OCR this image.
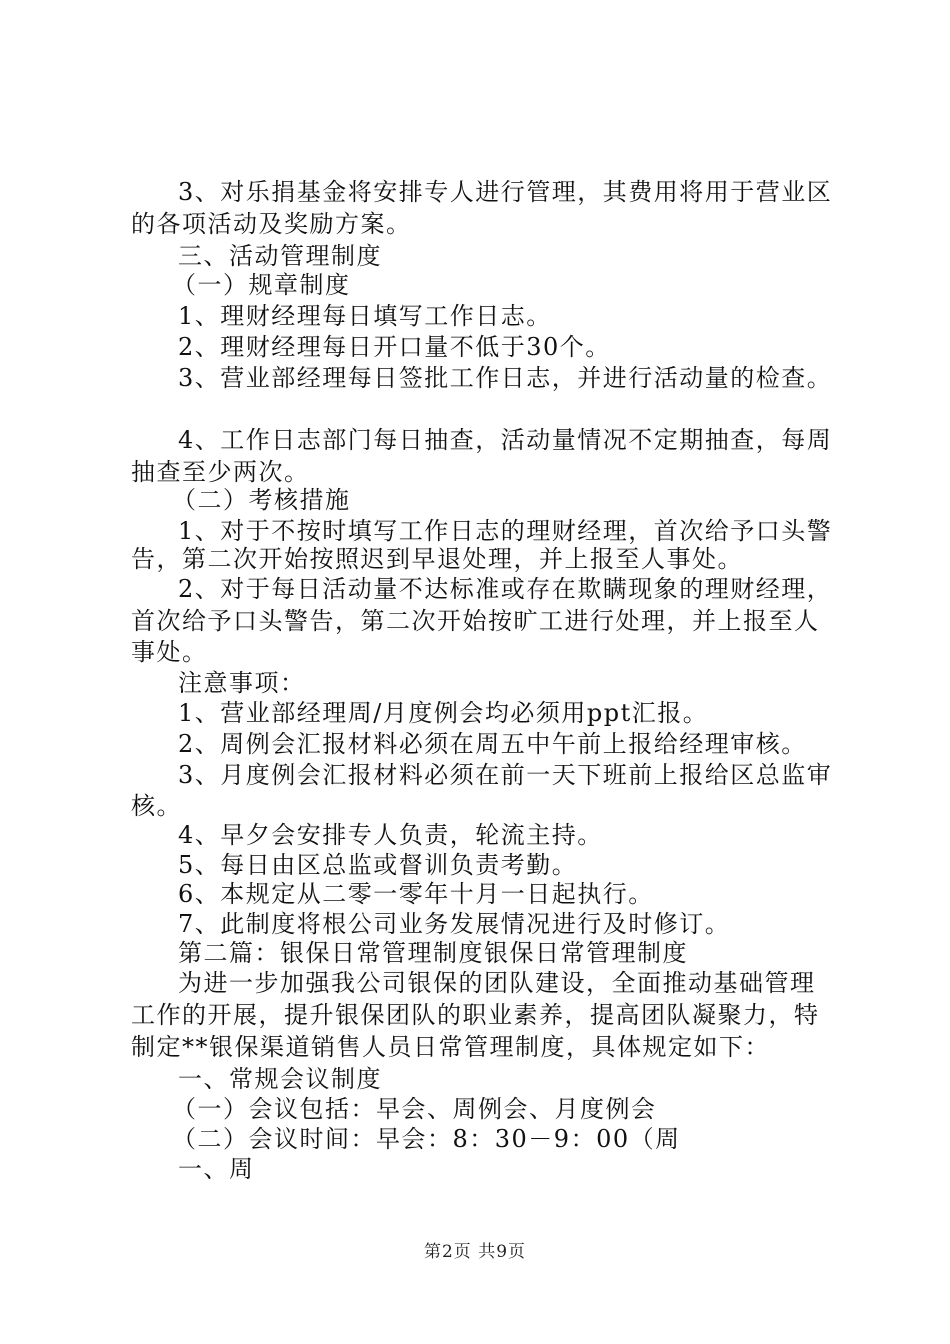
3、对乐捐基金将安排专人进行管理，其费用将用于营业区
的各项活动及奖励方案。
三、活动管理制度
（一）规章制度
1、理财经理每日填写工作日志。
2、理财经理每日开口量不低于30个。
3、营业部经理每日签批工作日志，并进行活动量的检查。
4、工作日志部门每日抽查，活动量情况不定期抽查，每周
抽查至少两次。
（二）考核措施
1、对于不按时填写工作日志的理财经理，首次给予口头警
告，第二次开始按照迟到早退处理，并上报至人事处。
2、对于每日活动量不达标准或存在欺瞒现象的理财经理，
首次给予口头警告，第二次开始按旷工进行处理，并上报至人
事处。
注意事项：
1、营业部经理周/月度例会均必须用ppt汇报。
2、周例会汇报材料必须在周五中午前上报给经理审核。
3、月度例会汇报材料必须在前一天下班前上报给区总监审
核。
4、早夕会安排专人负责，轮流主持。
5、每日由区总监或督训负责考勤。
6、本规定从二零一零年十月一日起执行。
7、此制度将根公司业务发展情况进行及时修订。
第二篇：银保日常管理制度银保日常管理制度
为进一步加强我公司银保的团队建设，全面推动基础管理
工作的开展，提升银保团队的职业素养，提高团队凝聚力，特
制定**银保渠道销售人员日常管理制度，具体规定如下：
一、常规会议制度
（一）会议包括：早会、周例会、月度例会
（二）会议时间：早会：8：30－9：00（周
一、周
第2页 共9页
